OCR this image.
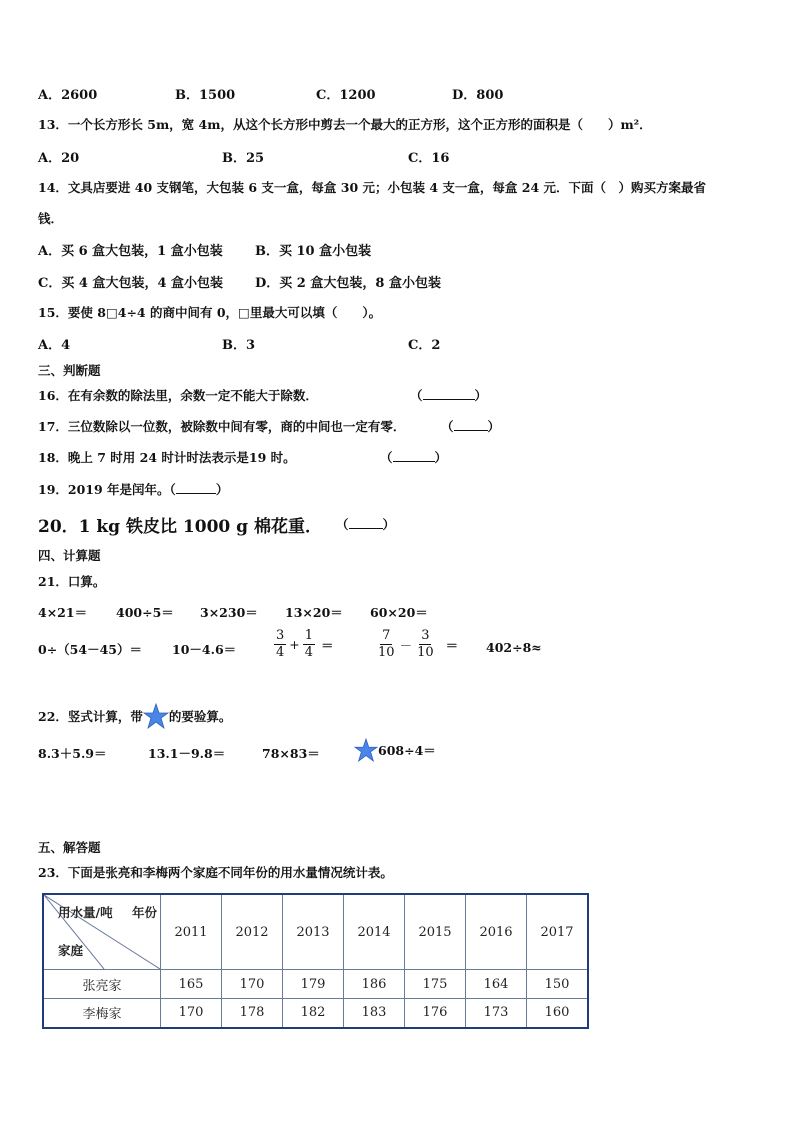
A．2600	B．1500	C．1200	D．800
13．一个长方形长 5m，宽 4m，从这个长方形中剪去一个最大的正方形，这个正方形的面积是（　　）m²．
A．20	B．25	C．16
14．文具店要进 40 支钢笔，大包装 6 支一盒，每盒 30 元；小包装 4 支一盒，每盒 24 元．下面（　）购买方案最省
钱．
A．买 6 盒大包装，1 盒小包装 B．买 10 盒小包装
C．买 4 盒大包装，4 盒小包装 D．买 2 盒大包装，8 盒小包装
15．要使 8□4÷4 的商中间有 0，□里最大可以填（　　）。
A．4	B．3	C．2
三、判断题
16．在有余数的除法里，余数一定不能大于除数．	（	）
17．三位数除以一位数，被除数中间有零，商的中间也一定有零．	（	）
18．晚上 7 时用 24 时计时法表示是19 时。	（	）
19．2019 年是闰年。（	）
20．1 kg 铁皮比 1000 g 棉花重． （	）
四、计算题
21．口算。
4×21＝ 400÷5＝ 3×230＝ 13×20＝ 60×20＝
0÷（54－45）＝ 10－4.6＝	$\frac{3}{4} + \frac{1}{4}$ ＝	$\frac{7}{10} - \frac{3}{10} = 402\div 8\approx$
22．竖式计算，带 的要验算。
8.3＋5.9＝	13.1－9.8＝	78×83＝	608÷4＝
五、解答题
23．下面是张亮和李梅两个家庭不同年份的用水量情况统计表。
用水量/吨 年份
家庭	2011	2012	2013	2014	2015	2016	2017
张亮家	165	170	179	186	175	164	150
李梅家	170	178	182	183	176	173	160
